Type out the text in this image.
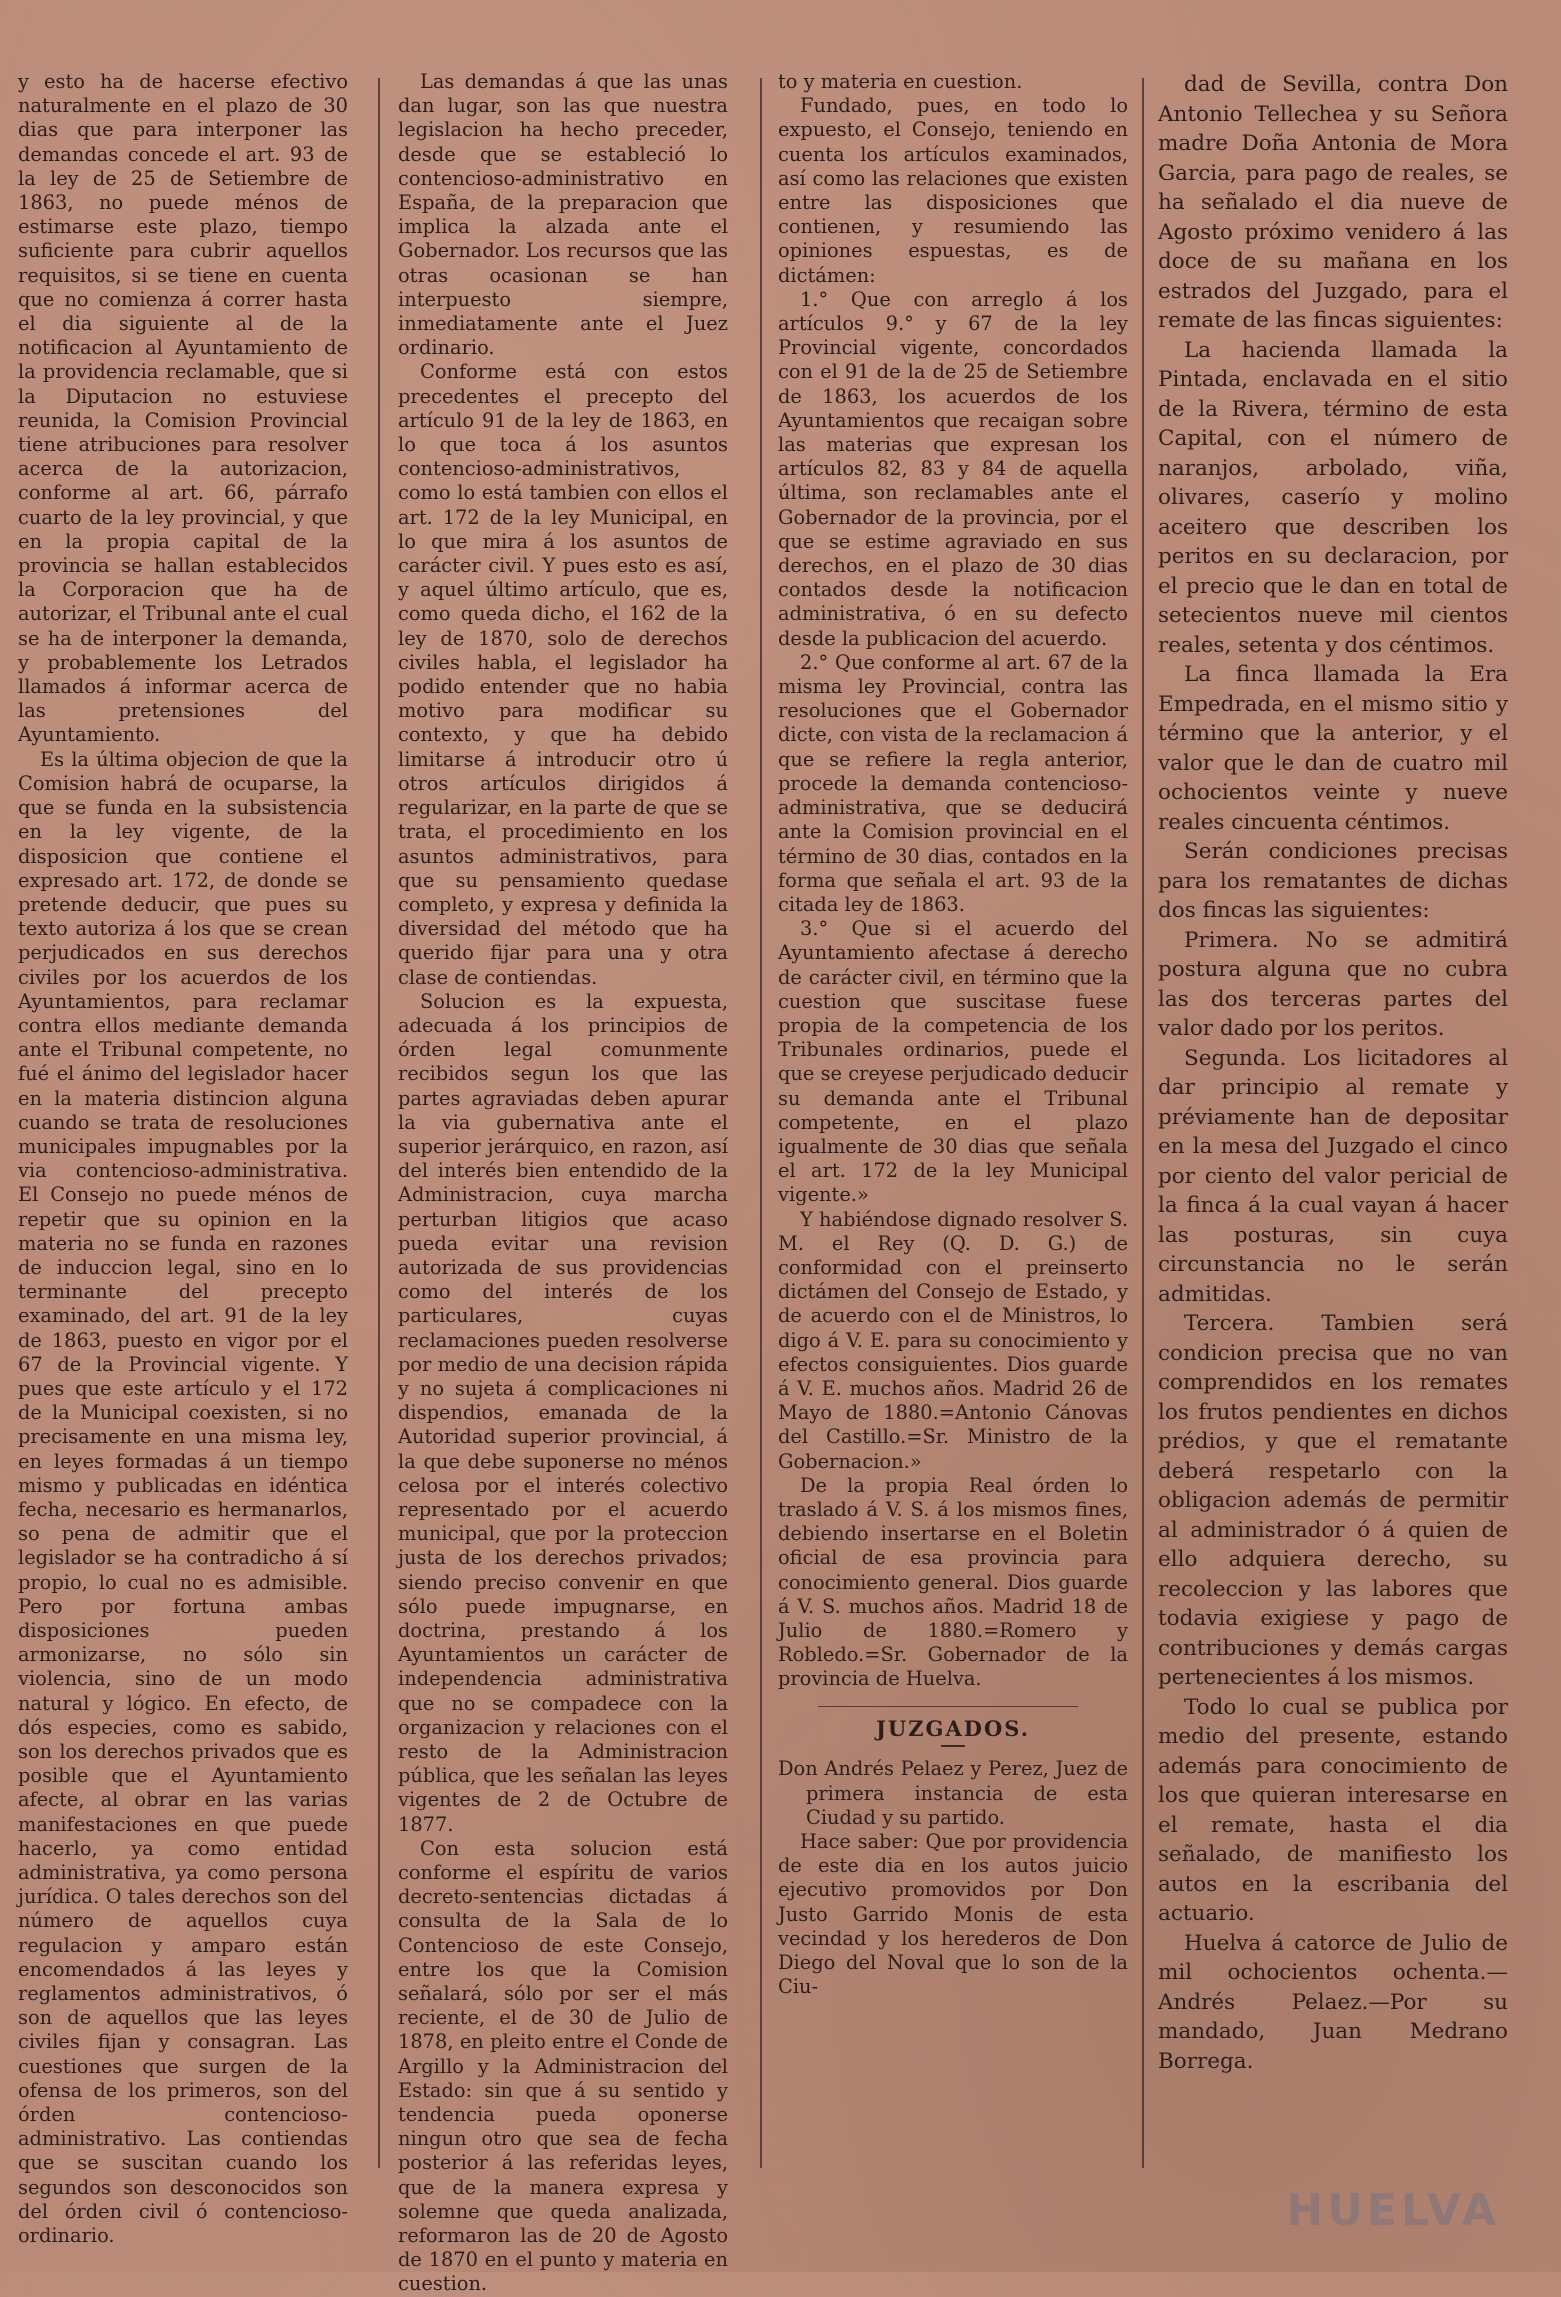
y esto ha de hacerse efectivo naturalmente en el plazo de 30 dias que para interponer las demandas concede el art. 93 de la ley de 25 de Setiembre de 1863, no puede ménos de estimarse este plazo, tiempo suficiente para cubrir aquellos requisitos, si se tiene en cuenta que no comienza á correr hasta el dia siguiente al de la notificacion al Ayuntamiento de la providencia reclamable, que si la Diputacion no estuviese reunida, la Comision Provincial tiene atribuciones para resolver acerca de la autorizacion, conforme al art. 66, párrafo cuarto de la ley provincial, y que en la propia capital de la provincia se hallan establecidos la Corporacion que ha de autorizar, el Tribunal ante el cual se ha de interponer la demanda, y probablemente los Letrados llamados á informar acerca de las pretensiones del Ayuntamiento.

Es la última objecion de que la Comision habrá de ocuparse, la que se funda en la subsistencia en la ley vigente, de la disposicion que contiene el expresado art. 172, de donde se pretende deducir, que pues su texto autoriza á los que se crean perjudicados en sus derechos civiles por los acuerdos de los Ayuntamientos, para reclamar contra ellos mediante demanda ante el Tribunal competente, no fué el ánimo del legislador hacer en la materia distincion alguna cuando se trata de resoluciones municipales impugnables por la via contencioso-administrativa. El Consejo no puede ménos de repetir que su opinion en la materia no se funda en razones de induccion legal, sino en lo terminante del precepto examinado, del art. 91 de la ley de 1863, puesto en vigor por el 67 de la Provincial vigente. Y pues que este artículo y el 172 de la Municipal coexisten, si no precisamente en una misma ley, en leyes formadas á un tiempo mismo y publicadas en idéntica fecha, necesario es hermanarlos, so pena de admitir que el legislador se ha contradicho á sí propio, lo cual no es admisible. Pero por fortuna ambas disposiciones pueden armonizarse, no sólo sin violencia, sino de un modo natural y lógico. En efecto, de dós especies, como es sabido, son los derechos privados que es posible que el Ayuntamiento afecte, al obrar en las varias manifestaciones en que puede hacerlo, ya como entidad administrativa, ya como persona jurídica. O tales derechos son del número de aquellos cuya regulacion y amparo están encomendados á las leyes y reglamentos administrativos, ó son de aquellos que las leyes civiles fijan y consagran. Las cuestiones que surgen de la ofensa de los primeros, son del órden contencioso-administrativo. Las contiendas que se suscitan cuando los segundos son desconocidos son del órden civil ó contencioso-ordinario.

Las demandas á que las unas dan lugar, son las que nuestra legislacion ha hecho preceder, desde que se estableció lo contencioso-administrativo en España, de la preparacion que implica la alzada ante el Gobernador. Los recursos que las otras ocasionan se han interpuesto siempre, inmediatamente ante el Juez ordinario.

Conforme está con estos precedentes el precepto del artículo 91 de la ley de 1863, en lo que toca á los asuntos contencioso-administrativos, como lo está tambien con ellos el art. 172 de la ley Municipal, en lo que mira á los asuntos de carácter civil. Y pues esto es así, y aquel último artículo, que es, como queda dicho, el 162 de la ley de 1870, solo de derechos civiles habla, el legislador ha podido entender que no habia motivo para modificar su contexto, y que ha debido limitarse á introducir otro ú otros artículos dirigidos á regularizar, en la parte de que se trata, el procedimiento en los asuntos administrativos, para que su pensamiento quedase completo, y expresa y definida la diversidad del método que ha querido fijar para una y otra clase de contiendas.

Solucion es la expuesta, adecuada á los principios de órden legal comunmente recibidos segun los que las partes agraviadas deben apurar la via gubernativa ante el superior jerárquico, en razon, así del interés bien entendido de la Administracion, cuya marcha perturban litigios que acaso pueda evitar una revision autorizada de sus providencias como del interés de los particulares, cuyas reclamaciones pueden resolverse por medio de una decision rápida y no sujeta á complicaciones ni dispendios, emanada de la Autoridad superior provincial, á la que debe suponerse no ménos celosa por el interés colectivo representado por el acuerdo municipal, que por la proteccion justa de los derechos privados; siendo preciso convenir en que sólo puede impugnarse, en doctrina, prestando á los Ayuntamientos un carácter de independencia administrativa que no se compadece con la organizacion y relaciones con el resto de la Administracion pública, que les señalan las leyes vigentes de 2 de Octubre de 1877.

Con esta solucion está conforme el espíritu de varios decreto-sentencias dictadas á consulta de la Sala de lo Contencioso de este Consejo, entre los que la Comision señalará, sólo por ser el más reciente, el de 30 de Julio de 1878, en pleito entre el Conde de Argillo y la Administracion del Estado: sin que á su sentido y tendencia pueda oponerse ningun otro que sea de fecha posterior á las referidas leyes, que de la manera expresa y solemne que queda analizada, reformaron las de 20 de Agosto de 1870 en el punto y materia en cuestion.

to y materia en cuestion.

Fundado, pues, en todo lo expuesto, el Consejo, teniendo en cuenta los artículos examinados, así como las relaciones que existen entre las disposiciones que contienen, y resumiendo las opiniones espuestas, es de dictámen:

1.° Que con arreglo á los artículos 9.° y 67 de la ley Provincial vigente, concordados con el 91 de la de 25 de Setiembre de 1863, los acuerdos de los Ayuntamientos que recaigan sobre las materias que expresan los artículos 82, 83 y 84 de aquella última, son reclamables ante el Gobernador de la provincia, por el que se estime agraviado en sus derechos, en el plazo de 30 dias contados desde la notificacion administrativa, ó en su defecto desde la publicacion del acuerdo.

2.° Que conforme al art. 67 de la misma ley Provincial, contra las resoluciones que el Gobernador dicte, con vista de la reclamacion á que se refiere la regla anterior, procede la demanda contencioso-administrativa, que se deducirá ante la Comision provincial en el término de 30 dias, contados en la forma que señala el art. 93 de la citada ley de 1863.

3.° Que si el acuerdo del Ayuntamiento afectase á derecho de carácter civil, en término que la cuestion que suscitase fuese propia de la competencia de los Tribunales ordinarios, puede el que se creyese perjudicado deducir su demanda ante el Tribunal competente, en el plazo igualmente de 30 dias que señala el art. 172 de la ley Municipal vigente.»

Y habiéndose dignado resolver S. M. el Rey (Q. D. G.) de conformidad con el preinserto dictámen del Consejo de Estado, y de acuerdo con el de Ministros, lo digo á V. E. para su conocimiento y efectos consiguientes. Dios guarde á V. E. muchos años. Madrid 26 de Mayo de 1880.=Antonio Cánovas del Castillo.=Sr. Ministro de la Gobernacion.»

De la propia Real órden lo traslado á V. S. á los mismos fines, debiendo insertarse en el Boletin oficial de esa provincia para conocimiento general. Dios guarde á V. S. muchos años. Madrid 18 de Julio de 1880.=Romero y Robledo.=Sr. Gobernador de la provincia de Huelva.

JUZGADOS.

Don Andrés Pelaez y Perez, Juez de primera instancia de esta Ciudad y su partido.

Hace saber: Que por providencia de este dia en los autos juicio ejecutivo promovidos por Don Justo Garrido Monis de esta vecindad y los herederos de Don Diego del Noval que lo son de la Ciu-

dad de Sevilla, contra Don Antonio Tellechea y su Señora madre Doña Antonia de Mora Garcia, para pago de reales, se ha señalado el dia nueve de Agosto próximo venidero á las doce de su mañana en los estrados del Juzgado, para el remate de las fincas siguientes:

La hacienda llamada la Pintada, enclavada en el sitio de la Rivera, término de esta Capital, con el número de naranjos, arbolado, viña, olivares, caserío y molino aceitero que describen los peritos en su declaracion, por el precio que le dan en total de setecientos nueve mil cientos reales, setenta y dos céntimos.

La finca llamada la Era Empedrada, en el mismo sitio y término que la anterior, y el valor que le dan de cuatro mil ochocientos veinte y nueve reales cincuenta céntimos.

Serán condiciones precisas para los rematantes de dichas dos fincas las siguientes:

Primera. No se admitirá postura alguna que no cubra las dos terceras partes del valor dado por los peritos.

Segunda. Los licitadores al dar principio al remate y préviamente han de depositar en la mesa del Juzgado el cinco por ciento del valor pericial de la finca á la cual vayan á hacer las posturas, sin cuya circunstancia no le serán admitidas.

Tercera. Tambien será condicion precisa que no van comprendidos en los remates los frutos pendientes en dichos prédios, y que el rematante deberá respetarlo con la obligacion además de permitir al administrador ó á quien de ello adquiera derecho, su recoleccion y las labores que todavia exigiese y pago de contribuciones y demás cargas pertenecientes á los mismos.

Todo lo cual se publica por medio del presente, estando además para conocimiento de los que quieran interesarse en el remate, hasta el dia señalado, de manifiesto los autos en la escribania del actuario.

Huelva á catorce de Julio de mil ochocientos ochenta.—Andrés Pelaez.—Por su mandado, Juan Medrano Borrega.

HUELVA
